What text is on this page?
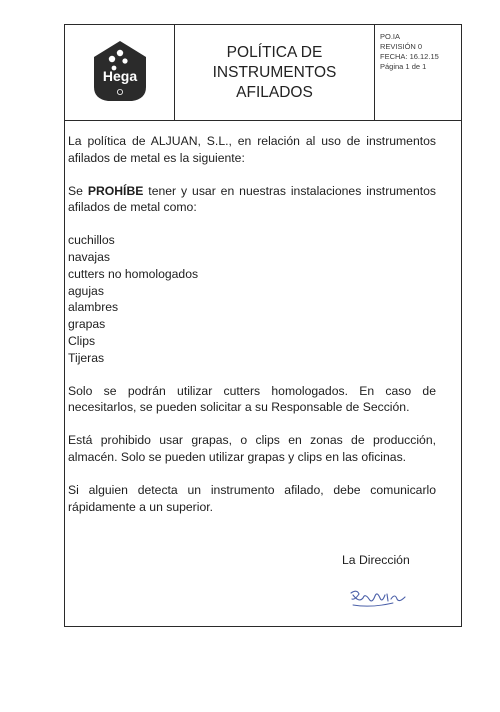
Hega
POLÍTICA DE
INSTRUMENTOS
AFILADOS
PO.IA
REVISIÓN 0
FECHA: 16.12.15
Página 1 de 1

La política de ALJUAN, S.L., en relación al uso de instrumentos afilados de metal es la siguiente:

Se PROHÍBE tener y usar en nuestras instalaciones instrumentos afilados de metal como:

cuchillos
navajas
cutters no homologados
agujas
alambres
grapas
Clips
Tijeras

Solo se podrán utilizar cutters homologados. En caso de necesitarlos, se pueden solicitar a su Responsable de Sección.

Está prohibido usar grapas, o clips en zonas de producción, almacén. Solo se pueden utilizar grapas y clips en las oficinas.

Si alguien detecta un instrumento afilado, debe comunicarlo rápidamente a un superior.

La Dirección
